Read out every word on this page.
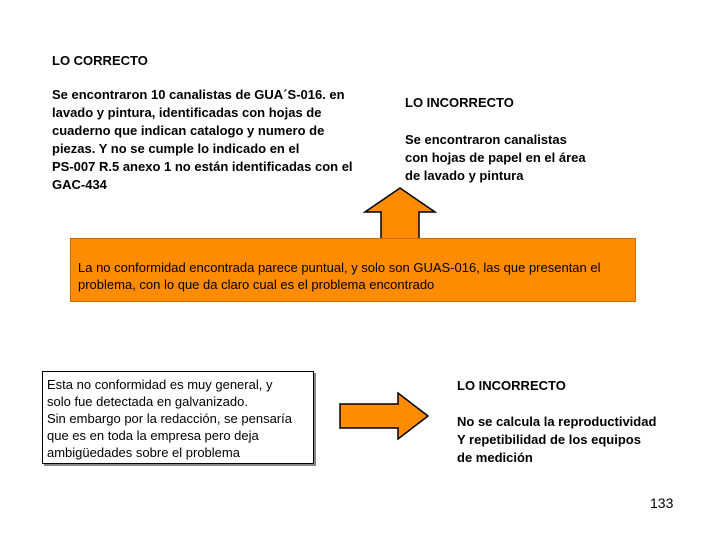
LO CORRECTO
Se encontraron 10 canalistas de GUA´S-016. en
lavado y pintura, identificadas con hojas de
cuaderno que indican catalogo y numero de
piezas. Y no se cumple lo indicado en el
PS-007 R.5 anexo 1 no están identificadas con el
GAC-434
LO INCORRECTO
Se encontraron canalistas
con hojas de papel en el área
de lavado y pintura
La no conformidad encontrada parece puntual, y solo son GUAS-016, las que presentan el problema, con lo que da claro cual es el problema encontrado
Esta no conformidad es muy general, y
solo fue detectada en galvanizado.
Sin embargo por la redacción, se pensaría
que es en toda la empresa pero deja
ambigüedades sobre el problema
LO INCORRECTO
No se calcula la reproductividad
Y repetibilidad de los equipos
de medición
133
